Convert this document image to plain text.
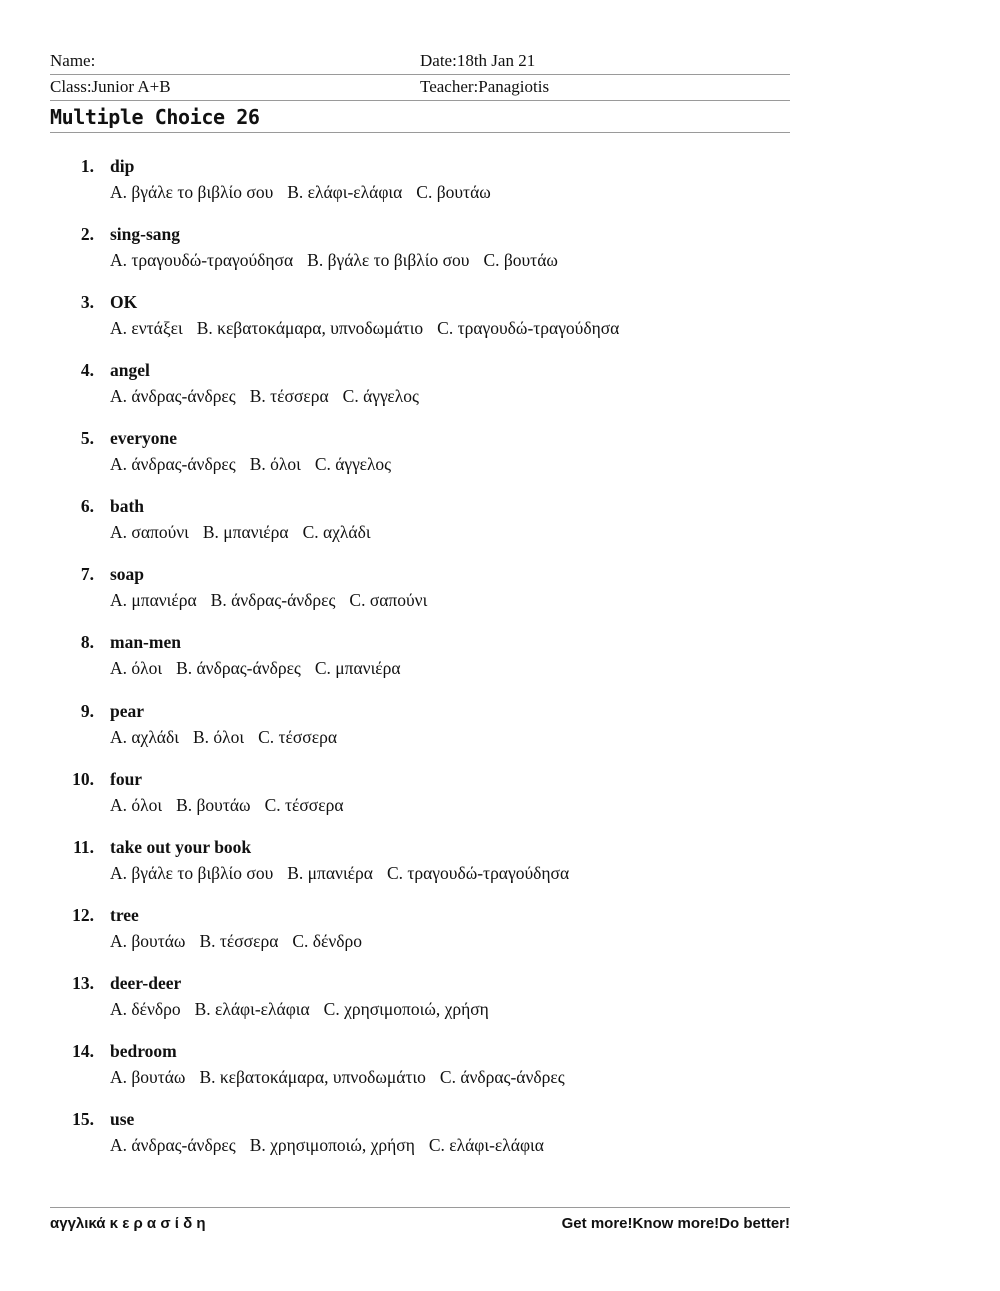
Name:	Date:18th Jan 21
Class:Junior A+B	Teacher:Panagiotis
Multiple Choice 26
1. dip
A. βγάλε το βιβλίο σου B. ελάφι-ελάφια C. βουτάω
2. sing-sang
A. τραγουδώ-τραγούδησα B. βγάλε το βιβλίο σου C. βουτάω
3. OK
A. εντάξει B. κεβατοκάμαρα, υπνοδωμάτιο C. τραγουδώ-τραγούδησα
4. angel
A. άνδρας-άνδρες B. τέσσερα C. άγγελος
5. everyone
A. άνδρας-άνδρες B. όλοι C. άγγελος
6. bath
A. σαπούνι B. μπανιέρα C. αχλάδι
7. soap
A. μπανιέρα B. άνδρας-άνδρες C. σαπούνι
8. man-men
A. όλοι B. άνδρας-άνδρες C. μπανιέρα
9. pear
A. αχλάδι B. όλοι C. τέσσερα
10. four
A. όλοι B. βουτάω C. τέσσερα
11. take out your book
A. βγάλε το βιβλίο σου B. μπανιέρα C. τραγουδώ-τραγούδησα
12. tree
A. βουτάω B. τέσσερα C. δένδρο
13. deer-deer
A. δένδρο B. ελάφι-ελάφια C. χρησιμοποιώ, χρήση
14. bedroom
A. βουτάω B. κεβατοκάμαρα, υπνοδωμάτιο C. άνδρας-άνδρες
15. use
A. άνδρας-άνδρες B. χρησιμοποιώ, χρήση C. ελάφι-ελάφια
αγγλικά κ ε ρ α σ ί δ η	Get more!Know more!Do better!
